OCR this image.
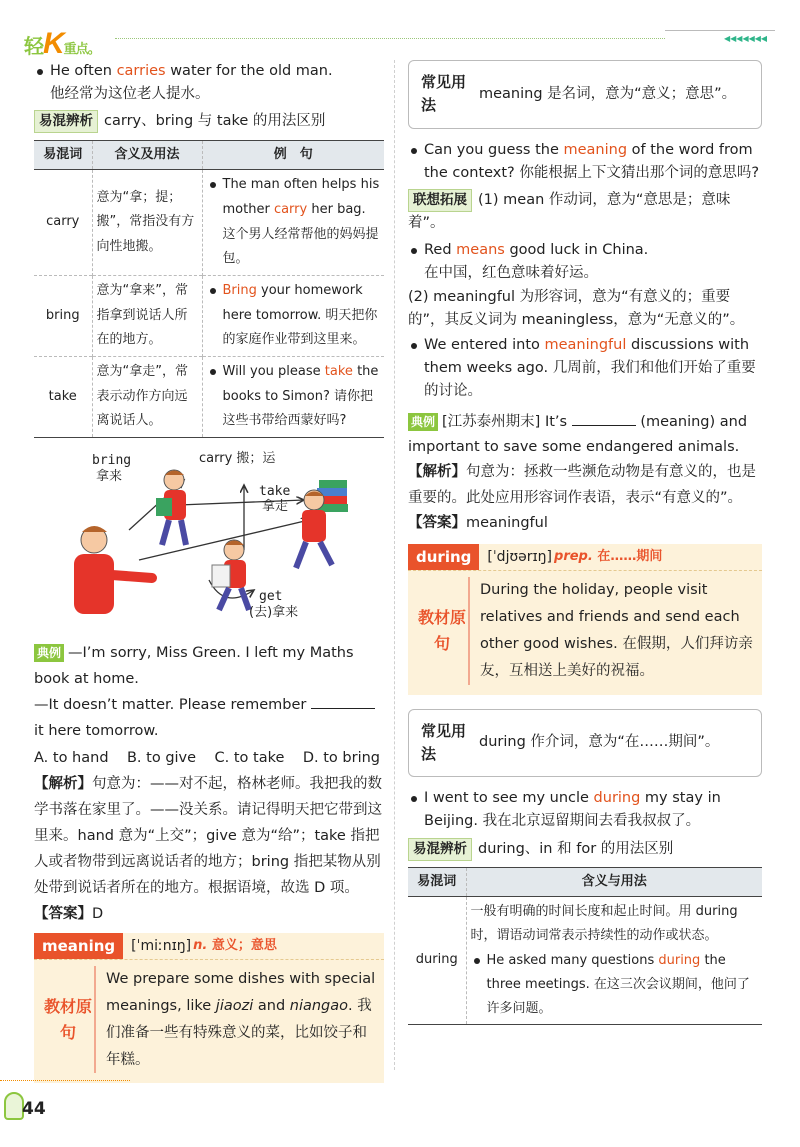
轻K重点。
◀◀◀◀◀◀◀
He often carries water for the old man.
他经常为这位老人提水。
易混辨析 carry、bring 与 take 的用法区别
易混词	含义及用法	例　句
carry	意为“拿；提；搬”，常指没有方向性地搬。	The man often helps his mother carry her bag. 这个男人经常帮他的妈妈提包。

bring	意为“拿来”，常指拿到说话人所在的地方。	Bring your homework here tomorrow. 明天把你的家庭作业带到这里来。

take	意为“拿走”，常表示动作方向远离说话人。	Will you please take the books to Simon? 请你把这些书带给西蒙好吗?
bring
拿来
carry 搬；运
take
拿走
get
(去)拿来
典例 —I’m sorry, Miss Green. I left my Maths book at home.
—It doesn’t matter. Please remember  it here tomorrow.
A. to hand B. to give C. to take D. to bring
【解析】句意为：——对不起，格林老师。我把我的数学书落在家里了。——没关系。请记得明天把它带到这里来。hand 意为“上交”；give 意为“给”；take 指把人或者物带到远离说话者的地方；bring 指把某物从别处带到说话者所在的地方。根据语境，故选 D 项。
【答案】D
meaning	[ˈmiːnɪŋ] n. 意义；意思
教材原句
We prepare some dishes with special meanings, like jiaozi and niangao. 我们准备一些有特殊意义的菜，比如饺子和年糕。
常见用法
meaning 是名词，意为“意义；意思”。
Can you guess the meaning of the word from the context? 你能根据上下文猜出那个词的意思吗?
联想拓展 (1) mean 作动词，意为“意思是；意味着”。
Red means good luck in China.
在中国，红色意味着好运。
(2) meaningful 为形容词，意为“有意义的；重要的”，其反义词为 meaningless，意为“无意义的”。
We entered into meaningful discussions with them weeks ago. 几周前，我们和他们开始了重要的讨论。
典例 [江苏泰州期末] It’s	(meaning) and important to save some endangered animals.
【解析】句意为：拯救一些濒危动物是有意义的，也是重要的。此处应用形容词作表语，表示“有意义的”。
【答案】meaningful
during	[ˈdjʊərɪŋ] prep. 在……期间
教材原句
During the holiday, people visit relatives and friends and send each other good wishes. 在假期，人们拜访亲友，互相送上美好的祝福。
常见用法
during 作介词，意为“在……期间”。
I went to see my uncle during my stay in Beijing. 我在北京逗留期间去看我叔叔了。
易混辨析 during、in 和 for 的用法区别
易混词	含义与用法
during	一般有明确的时间长度和起止时间。用 during 时，谓语动词常表示持续性的动作或状态。
He asked many questions during the three meetings. 在这三次会议期间，他问了许多问题。
44
